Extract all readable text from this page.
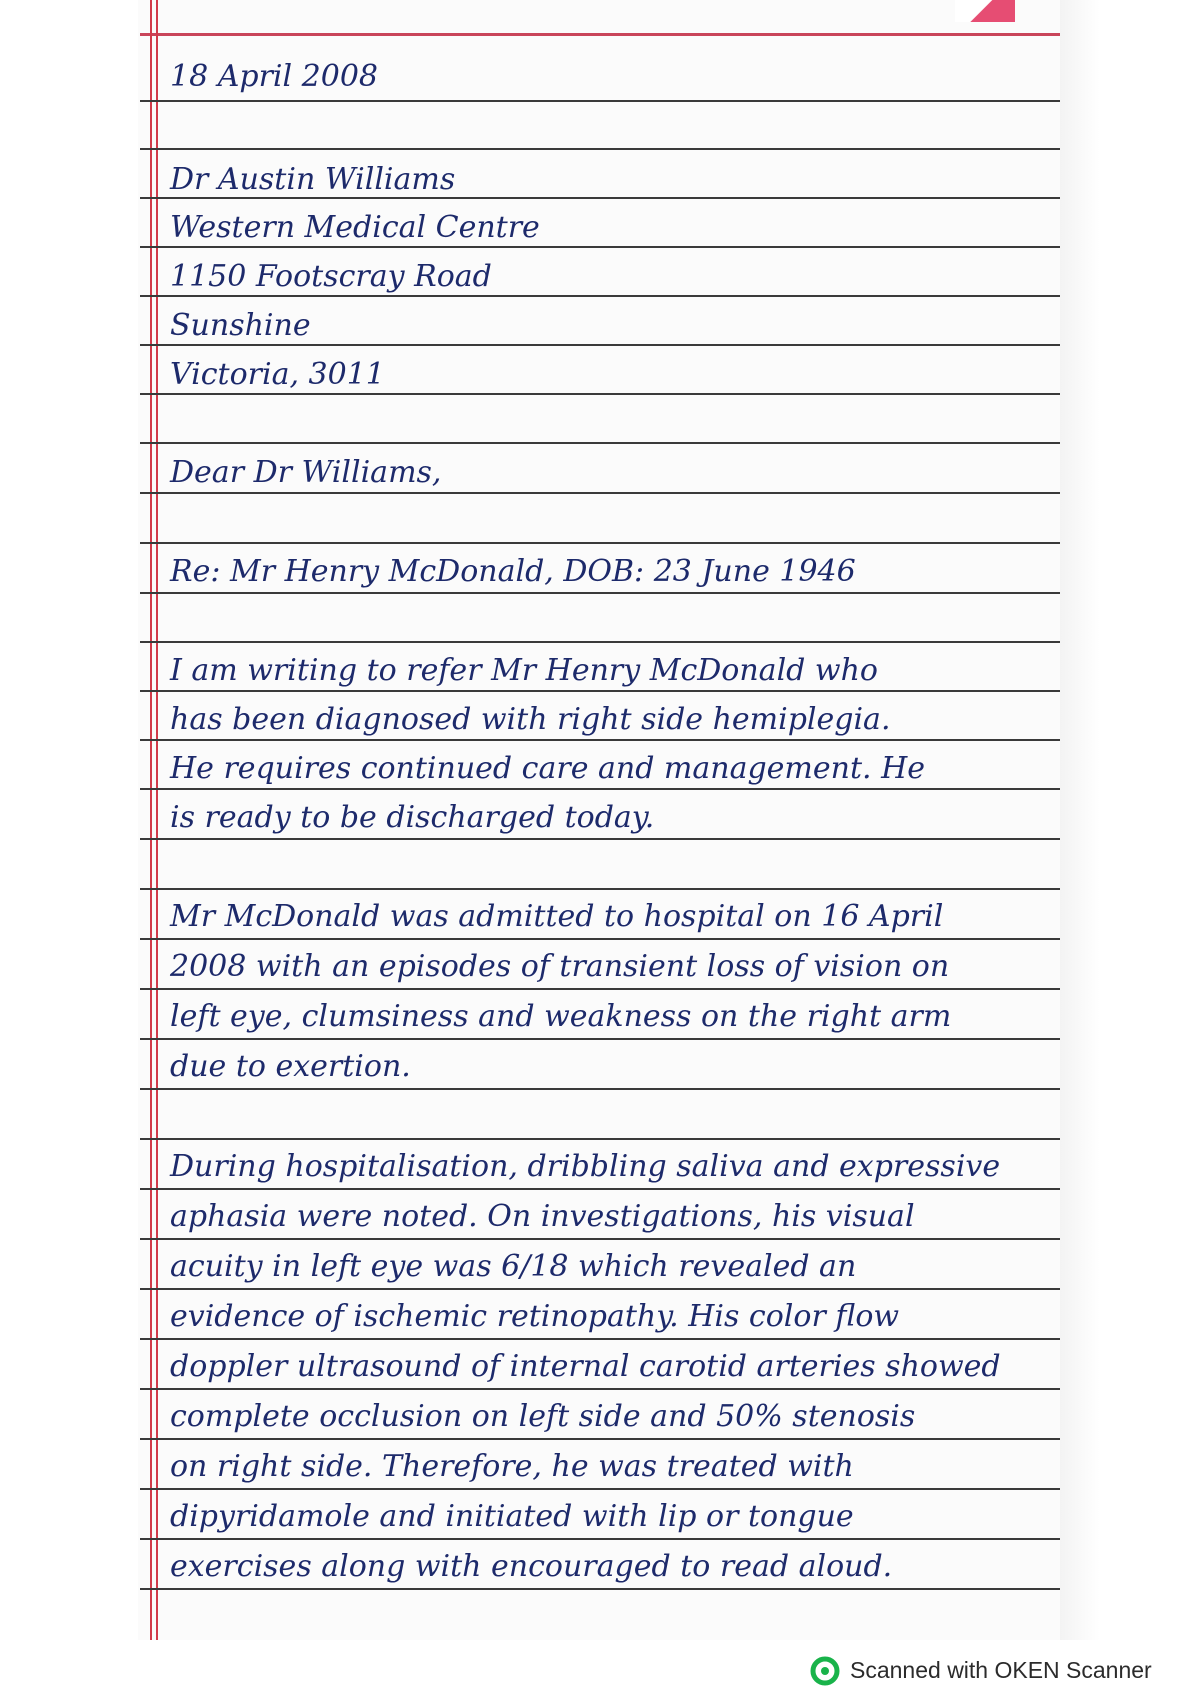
18 April 2008
Dr Austin Williams
Western Medical Centre
1150 Footscray Road
Sunshine
Victoria, 3011
Dear Dr Williams,
Re: Mr Henry McDonald, DOB: 23 June 1946
I am writing to refer Mr Henry McDonald who
has been diagnosed with right side hemiplegia.
He requires continued care and management. He
is ready to be discharged today.
Mr McDonald was admitted to hospital on 16 April
2008 with an episodes of transient loss of vision on
left eye, clumsiness and weakness on the right arm
due to exertion.
During hospitalisation, dribbling saliva and expressive
aphasia were noted. On investigations, his visual
acuity in left eye was 6/18 which revealed an
evidence of ischemic retinopathy. His color flow
doppler ultrasound of internal carotid arteries showed
complete occlusion on left side and 50% stenosis
on right side. Therefore, he was treated with
dipyridamole and initiated with lip or tongue
exercises along with encouraged to read aloud.
Scanned with OKEN Scanner
